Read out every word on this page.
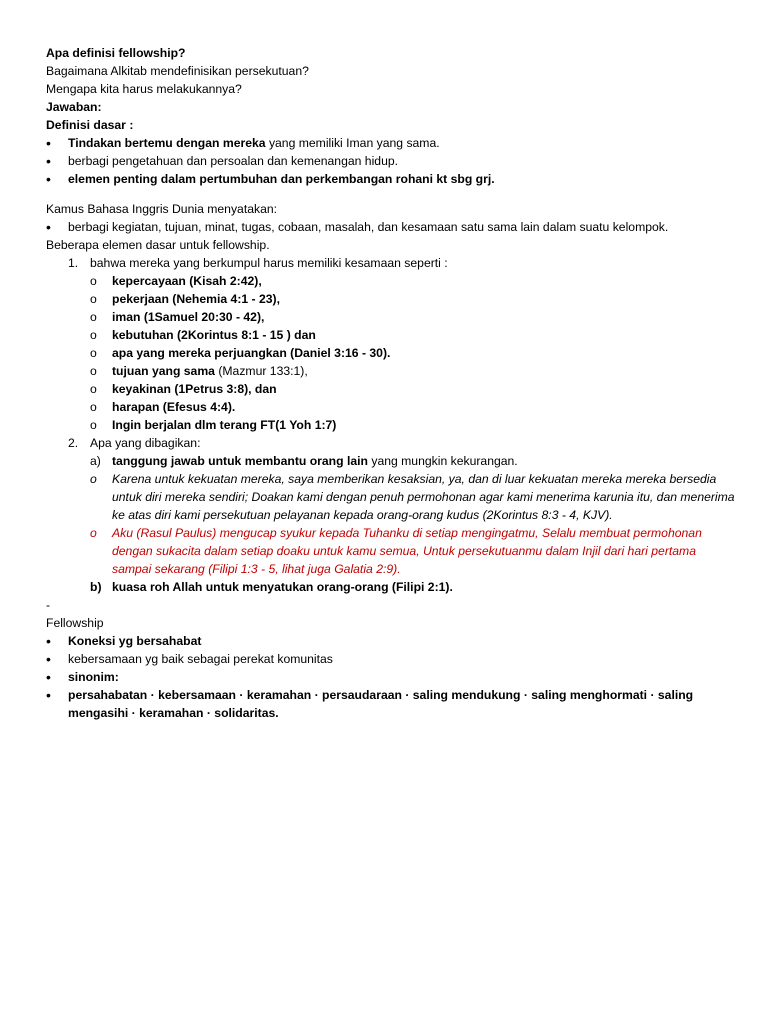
Apa definisi fellowship?
Bagaimana Alkitab mendefinisikan persekutuan?
Mengapa kita harus melakukannya?
Jawaban:
Definisi dasar :
• Tindakan bertemu dengan mereka yang memiliki Iman yang sama.
• berbagi pengetahuan dan persoalan dan kemenangan hidup.
• elemen penting dalam pertumbuhan dan perkembangan rohani kt sbg grj.
Kamus Bahasa Inggris Dunia menyatakan:
• berbagi kegiatan, tujuan, minat, tugas, cobaan, masalah, dan kesamaan satu sama lain dalam suatu kelompok.
Beberapa elemen dasar untuk fellowship.
1. bahwa mereka yang berkumpul harus memiliki kesamaan seperti :
o kepercayaan (Kisah 2:42),
o pekerjaan (Nehemia 4:1 - 23),
o iman (1Samuel 20:30 - 42),
o kebutuhan (2Korintus 8:1 - 15 ) dan
o apa yang mereka perjuangkan (Daniel 3:16 - 30).
o tujuan yang sama (Mazmur 133:1),
o keyakinan (1Petrus 3:8), dan
o harapan (Efesus 4:4).
o Ingin berjalan dlm terang FT(1 Yoh 1:7)
2. Apa yang dibagikan:
a) tanggung jawab untuk membantu orang lain yang mungkin kekurangan.
o Karena untuk kekuatan mereka, saya memberikan kesaksian, ya, dan di luar kekuatan mereka mereka bersedia untuk diri mereka sendiri; Doakan kami dengan penuh permohonan agar kami menerima karunia itu, dan menerima ke atas diri kami persekutuan pelayanan kepada orang-orang kudus (2Korintus 8:3 - 4, KJV).
o Aku (Rasul Paulus) mengucap syukur kepada Tuhanku di setiap mengingatmu, Selalu membuat permohonan dengan sukacita dalam setiap doaku untuk kamu semua, Untuk persekutuanmu dalam Injil dari hari pertama sampai sekarang (Filipi 1:3 - 5, lihat juga Galatia 2:9).
b) kuasa roh Allah untuk menyatukan orang-orang (Filipi 2:1).
-
Fellowship
• Koneksi yg bersahabat
• kebersamaan yg baik sebagai perekat komunitas
• sinonim:
• persahabatan · kebersamaan · keramahan · persaudaraan · saling mendukung · saling menghormati · saling mengasihi · keramahan · solidaritas.
